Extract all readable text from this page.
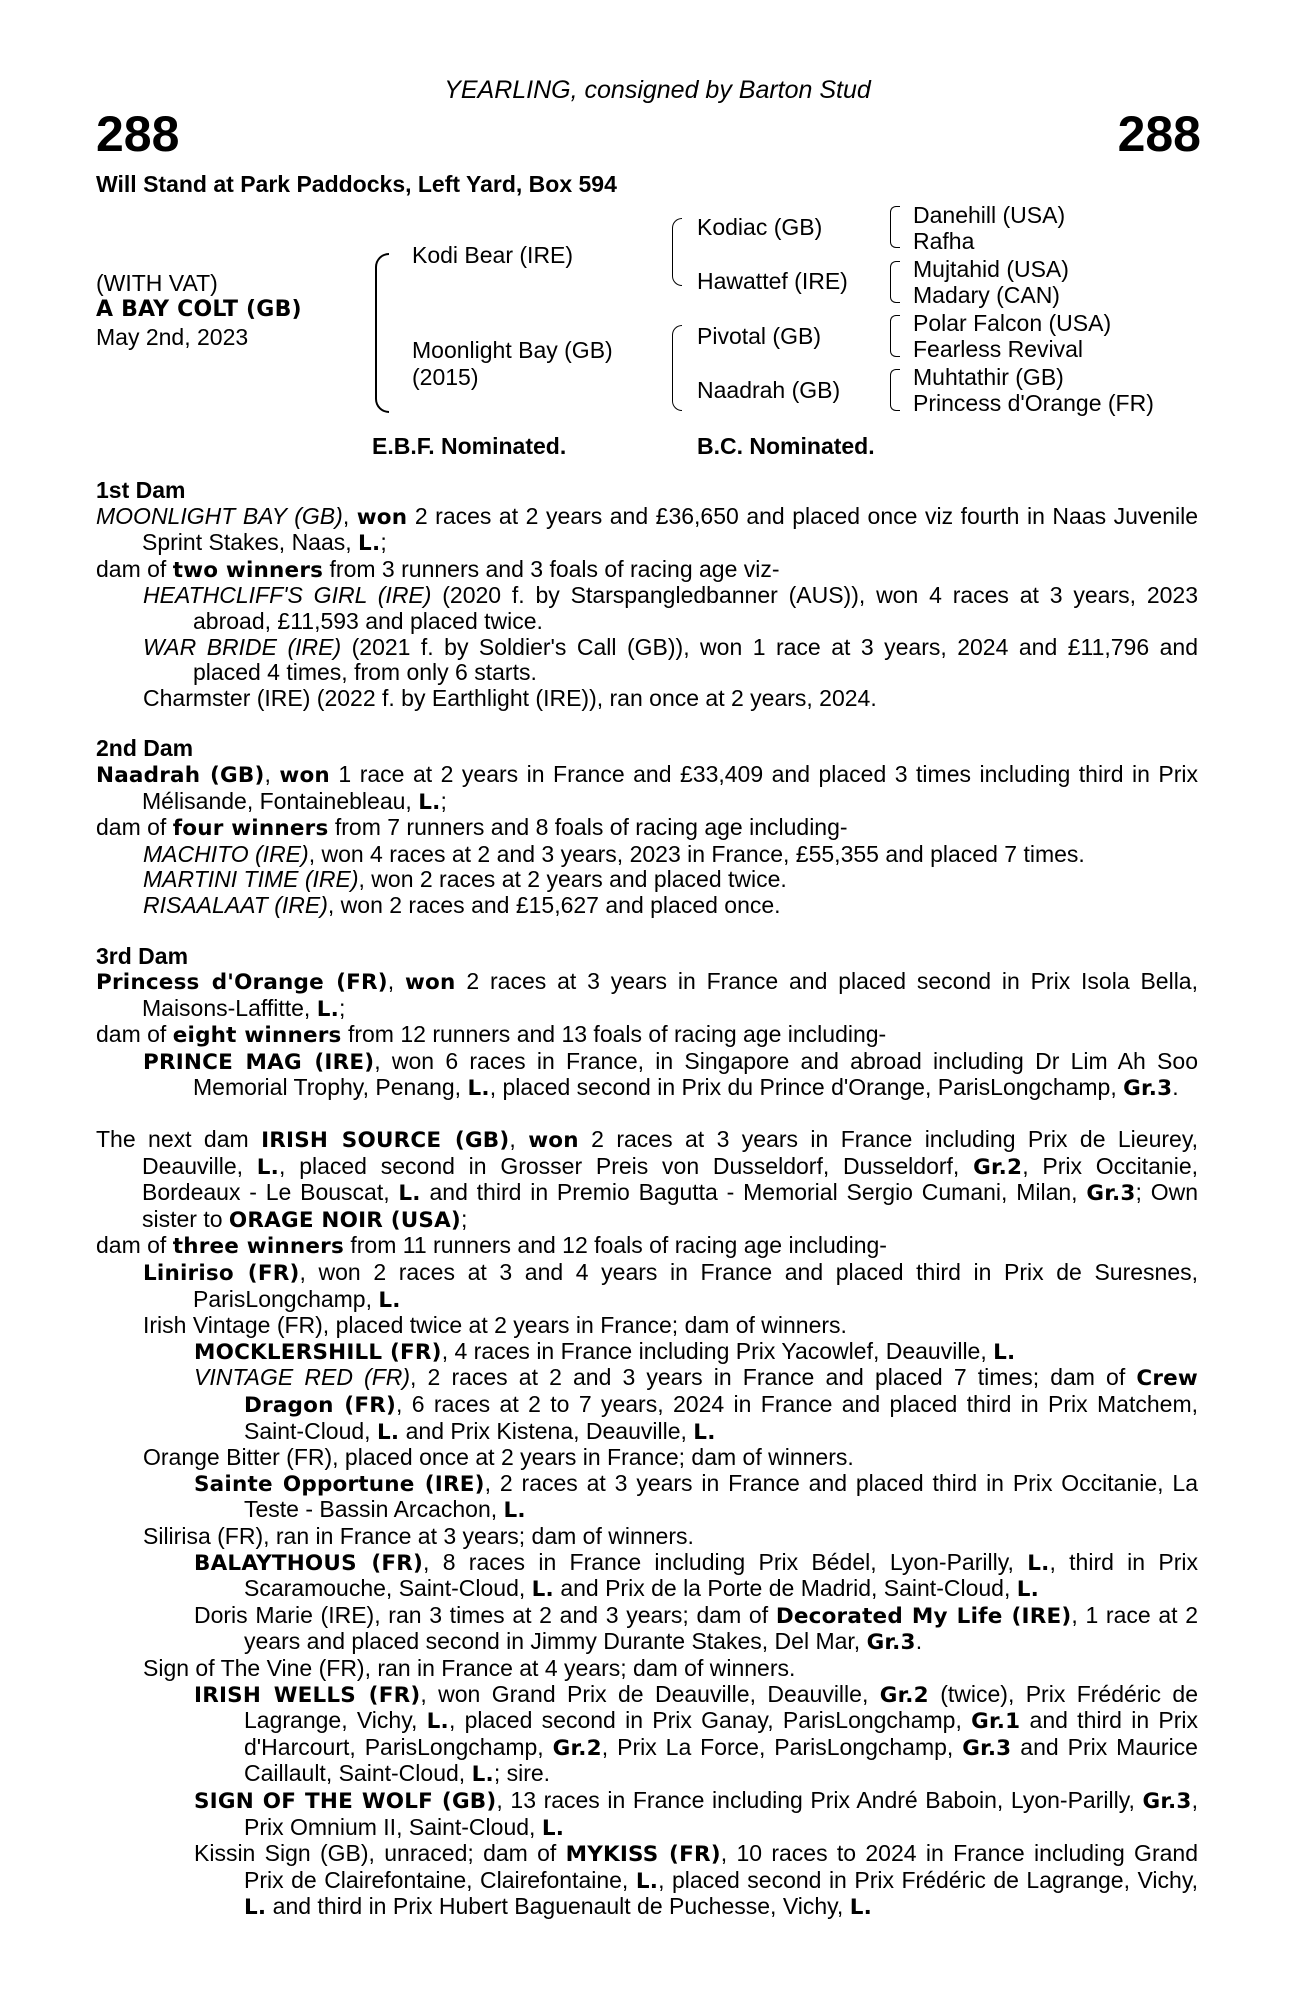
YEARLING, consigned by Barton Stud
288	288
Will Stand at Park Paddocks, Left Yard, Box 594
(WITH VAT)
A BAY COLT (GB)
May 2nd, 2023
Kodi Bear (IRE)
Moonlight Bay (GB)
(2015)
Kodiac (GB)
Hawattef (IRE)
Pivotal (GB)
Naadrah (GB)
Danehill (USA)
Rafha
Mujtahid (USA)
Madary (CAN)
Polar Falcon (USA)
Fearless Revival
Muhtathir (GB)
Princess d'Orange (FR)
E.B.F. Nominated.	B.C. Nominated.

1st Dam

MOONLIGHT BAY (GB), won 2 races at 2 years and £36,650 and placed once viz fourth in Naas Juvenile Sprint Stakes, Naas, L.;

dam of two winners from 3 runners and 3 foals of racing age viz-

HEATHCLIFF'S GIRL (IRE) (2020 f. by Starspangledbanner (AUS)), won 4 races at 3 years, 2023 abroad, £11,593 and placed twice.

WAR BRIDE (IRE) (2021 f. by Soldier's Call (GB)), won 1 race at 3 years, 2024 and £11,796 and placed 4 times, from only 6 starts.

Charmster (IRE) (2022 f. by Earthlight (IRE)), ran once at 2 years, 2024.

2nd Dam

Naadrah (GB), won 1 race at 2 years in France and £33,409 and placed 3 times including third in Prix Mélisande, Fontainebleau, L.;

dam of four winners from 7 runners and 8 foals of racing age including-

MACHITO (IRE), won 4 races at 2 and 3 years, 2023 in France, £55,355 and placed 7 times.

MARTINI TIME (IRE), won 2 races at 2 years and placed twice.

RISAALAAT (IRE), won 2 races and £15,627 and placed once.

3rd Dam

Princess d'Orange (FR), won 2 races at 3 years in France and placed second in Prix Isola Bella, Maisons-Laffitte, L.;

dam of eight winners from 12 runners and 13 foals of racing age including-

PRINCE MAG (IRE), won 6 races in France, in Singapore and abroad including Dr Lim Ah Soo Memorial Trophy, Penang, L., placed second in Prix du Prince d'Orange, ParisLongchamp, Gr.3.

The next dam IRISH SOURCE (GB), won 2 races at 3 years in France including Prix de Lieurey, Deauville, L., placed second in Grosser Preis von Dusseldorf, Dusseldorf, Gr.2, Prix Occitanie, Bordeaux - Le Bouscat, L. and third in Premio Bagutta - Memorial Sergio Cumani, Milan, Gr.3; Own sister to ORAGE NOIR (USA);

dam of three winners from 11 runners and 12 foals of racing age including-

Liniriso (FR), won 2 races at 3 and 4 years in France and placed third in Prix de Suresnes, ParisLongchamp, L.

Irish Vintage (FR), placed twice at 2 years in France; dam of winners.

MOCKLERSHILL (FR), 4 races in France including Prix Yacowlef, Deauville, L.

VINTAGE RED (FR), 2 races at 2 and 3 years in France and placed 7 times; dam of Crew Dragon (FR), 6 races at 2 to 7 years, 2024 in France and placed third in Prix Matchem, Saint-Cloud, L. and Prix Kistena, Deauville, L.

Orange Bitter (FR), placed once at 2 years in France; dam of winners.

Sainte Opportune (IRE), 2 races at 3 years in France and placed third in Prix Occitanie, La Teste - Bassin Arcachon, L.

Silirisa (FR), ran in France at 3 years; dam of winners.

BALAYTHOUS (FR), 8 races in France including Prix Bédel, Lyon-Parilly, L., third in Prix Scaramouche, Saint-Cloud, L. and Prix de la Porte de Madrid, Saint-Cloud, L.

Doris Marie (IRE), ran 3 times at 2 and 3 years; dam of Decorated My Life (IRE), 1 race at 2 years and placed second in Jimmy Durante Stakes, Del Mar, Gr.3.

Sign of The Vine (FR), ran in France at 4 years; dam of winners.

IRISH WELLS (FR), won Grand Prix de Deauville, Deauville, Gr.2 (twice), Prix Frédéric de Lagrange, Vichy, L., placed second in Prix Ganay, ParisLongchamp, Gr.1 and third in Prix d'Harcourt, ParisLongchamp, Gr.2, Prix La Force, ParisLongchamp, Gr.3 and Prix Maurice Caillault, Saint-Cloud, L.; sire.

SIGN OF THE WOLF (GB), 13 races in France including Prix André Baboin, Lyon-Parilly, Gr.3, Prix Omnium II, Saint-Cloud, L.

Kissin Sign (GB), unraced; dam of MYKISS (FR), 10 races to 2024 in France including Grand Prix de Clairefontaine, Clairefontaine, L., placed second in Prix Frédéric de Lagrange, Vichy, L. and third in Prix Hubert Baguenault de Puchesse, Vichy, L.
